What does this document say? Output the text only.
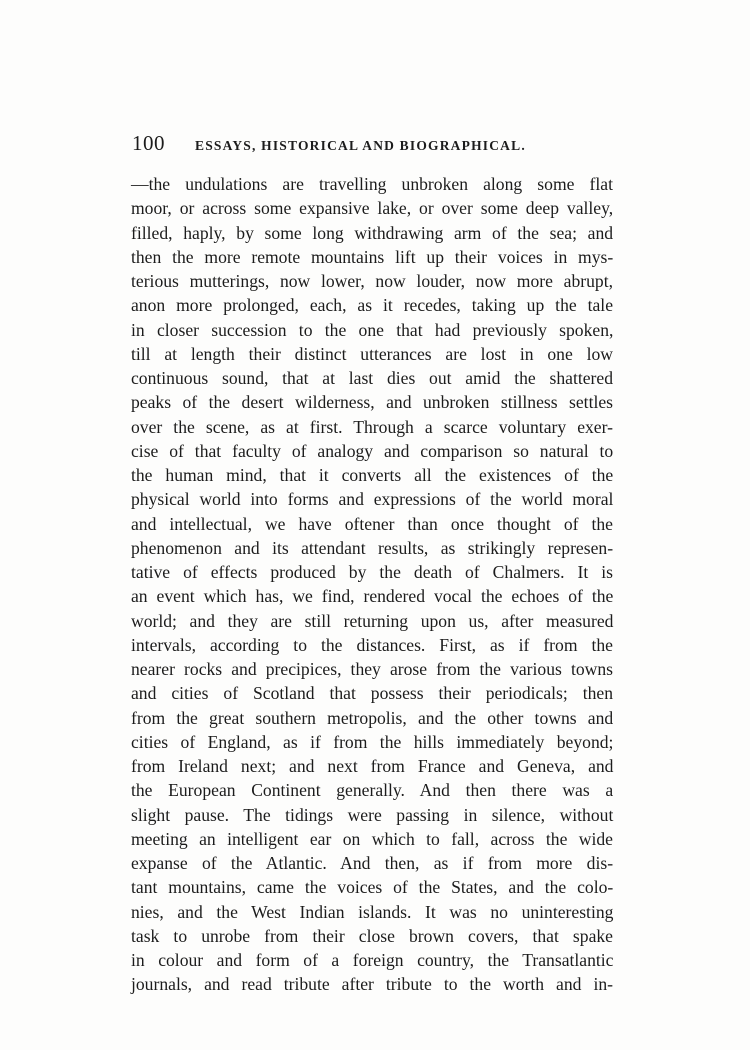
100 ESSAYS, HISTORICAL AND BIOGRAPHICAL.
—the undulations are travelling unbroken along some flat
moor, or across some expansive lake, or over some deep valley,
filled, haply, by some long withdrawing arm of the sea; and
then the more remote mountains lift up their voices in mys-
terious mutterings, now lower, now louder, now more abrupt,
anon more prolonged, each, as it recedes, taking up the tale
in closer succession to the one that had previously spoken,
till at length their distinct utterances are lost in one low
continuous sound, that at last dies out amid the shattered
peaks of the desert wilderness, and unbroken stillness settles
over the scene, as at first. Through a scarce voluntary exer-
cise of that faculty of analogy and comparison so natural to
the human mind, that it converts all the existences of the
physical world into forms and expressions of the world moral
and intellectual, we have oftener than once thought of the
phenomenon and its attendant results, as strikingly represen-
tative of effects produced by the death of Chalmers. It is
an event which has, we find, rendered vocal the echoes of the
world; and they are still returning upon us, after measured
intervals, according to the distances. First, as if from the
nearer rocks and precipices, they arose from the various towns
and cities of Scotland that possess their periodicals; then
from the great southern metropolis, and the other towns and
cities of England, as if from the hills immediately beyond;
from Ireland next; and next from France and Geneva, and
the European Continent generally. And then there was a
slight pause. The tidings were passing in silence, without
meeting an intelligent ear on which to fall, across the wide
expanse of the Atlantic. And then, as if from more dis-
tant mountains, came the voices of the States, and the colo-
nies, and the West Indian islands. It was no uninteresting
task to unrobe from their close brown covers, that spake
in colour and form of a foreign country, the Transatlantic
journals, and read tribute after tribute to the worth and in-
